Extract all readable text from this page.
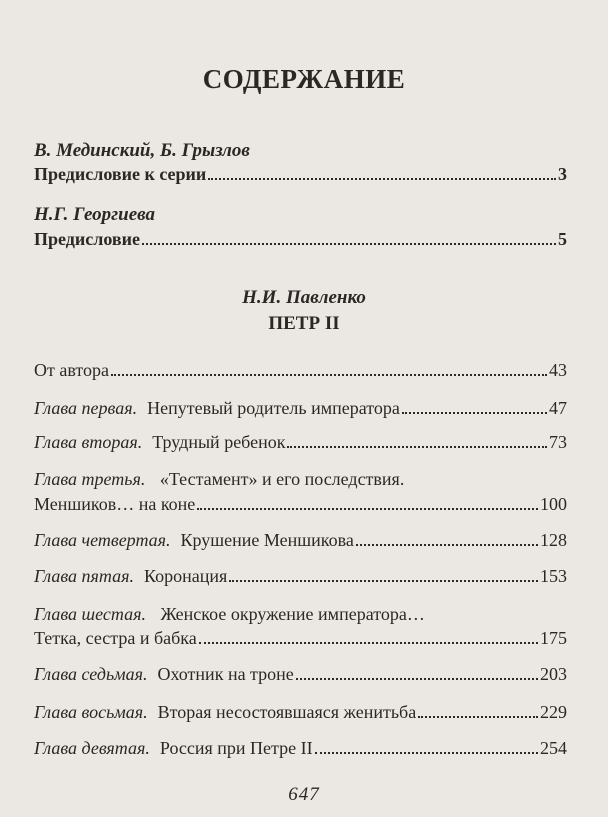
СОДЕРЖАНИЕ
В. Мединский, Б. Грызлов
Предисловие к серии	3
Н.Г. Георгиева
Предисловие	5
Н.И. Павленко
ПЕТР II
От автора	43
Глава первая. Непутевый родитель императора	47
Глава вторая. Трудный ребенок	73
Глава третья. «Тестамент» и его последствия.
Меншиков… на коне	100
Глава четвертая. Крушение Меншикова	128
Глава пятая. Коронация	153
Глава шестая. Женское окружение императора…
Тетка, сестра и бабка	175
Глава седьмая. Охотник на троне	203
Глава восьмая. Вторая несостоявшаяся женитьба	229
Глава девятая. Россия при Петре II	254
647
